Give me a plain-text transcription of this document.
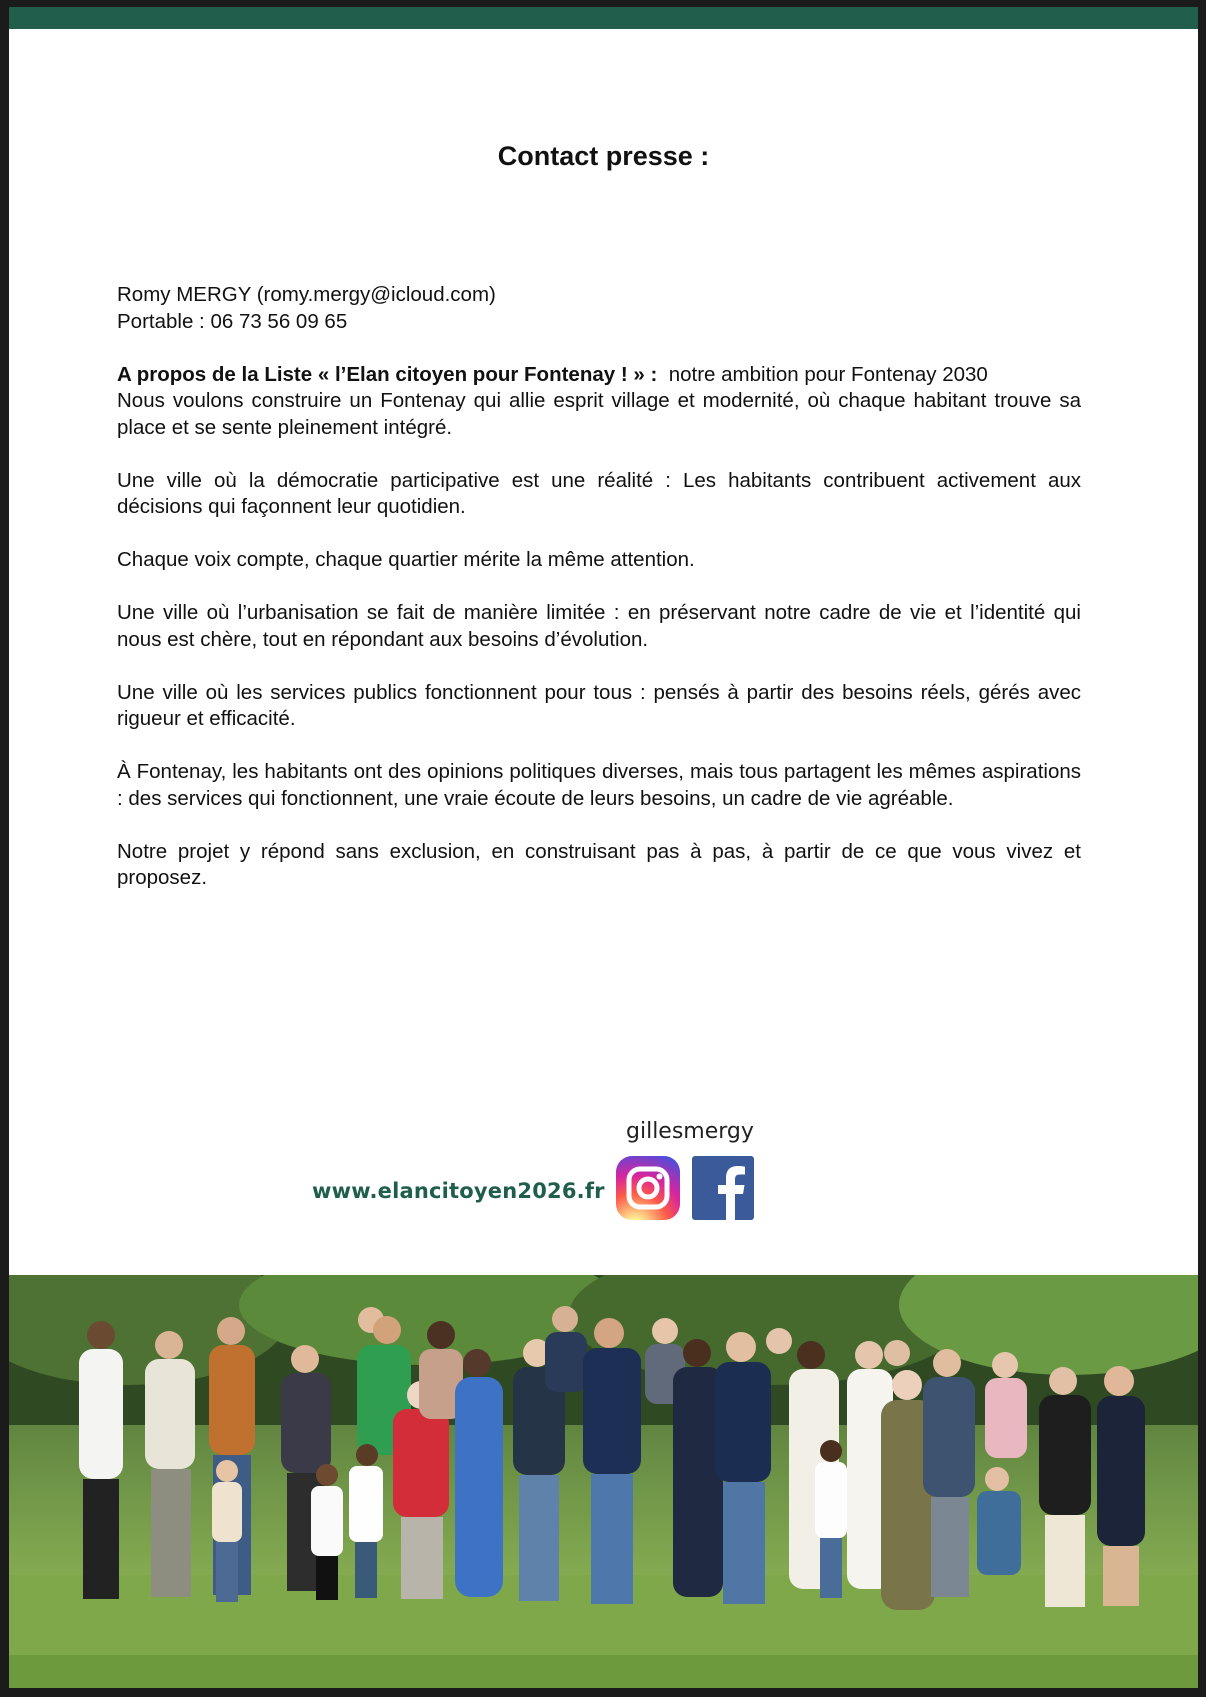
Contact presse :

Romy MERGY (romy.mergy@icloud.com)
Portable : 06 73 56 09 65

A propos de la Liste « l’Elan citoyen pour Fontenay ! » : notre ambition pour Fontenay 2030
Nous voulons construire un Fontenay qui allie esprit village et modernité, où chaque habitant trouve sa place et se sente pleinement intégré.

Une ville où la démocratie participative est une réalité : Les habitants contribuent activement aux décisions qui façonnent leur quotidien.

Chaque voix compte, chaque quartier mérite la même attention.

Une ville où l’urbanisation se fait de manière limitée : en préservant notre cadre de vie et l’identité qui nous est chère, tout en répondant aux besoins d’évolution.

Une ville où les services publics fonctionnent pour tous : pensés à partir des besoins réels, gérés avec rigueur et efficacité.

À Fontenay, les habitants ont des opinions politiques diverses, mais tous partagent les mêmes aspirations : des services qui fonctionnent, une vraie écoute de leurs besoins, un cadre de vie agréable.

Notre projet y répond sans exclusion, en construisant pas à pas, à partir de ce que vous vivez et proposez.

gillesmergy
www.elancitoyen2026.fr
